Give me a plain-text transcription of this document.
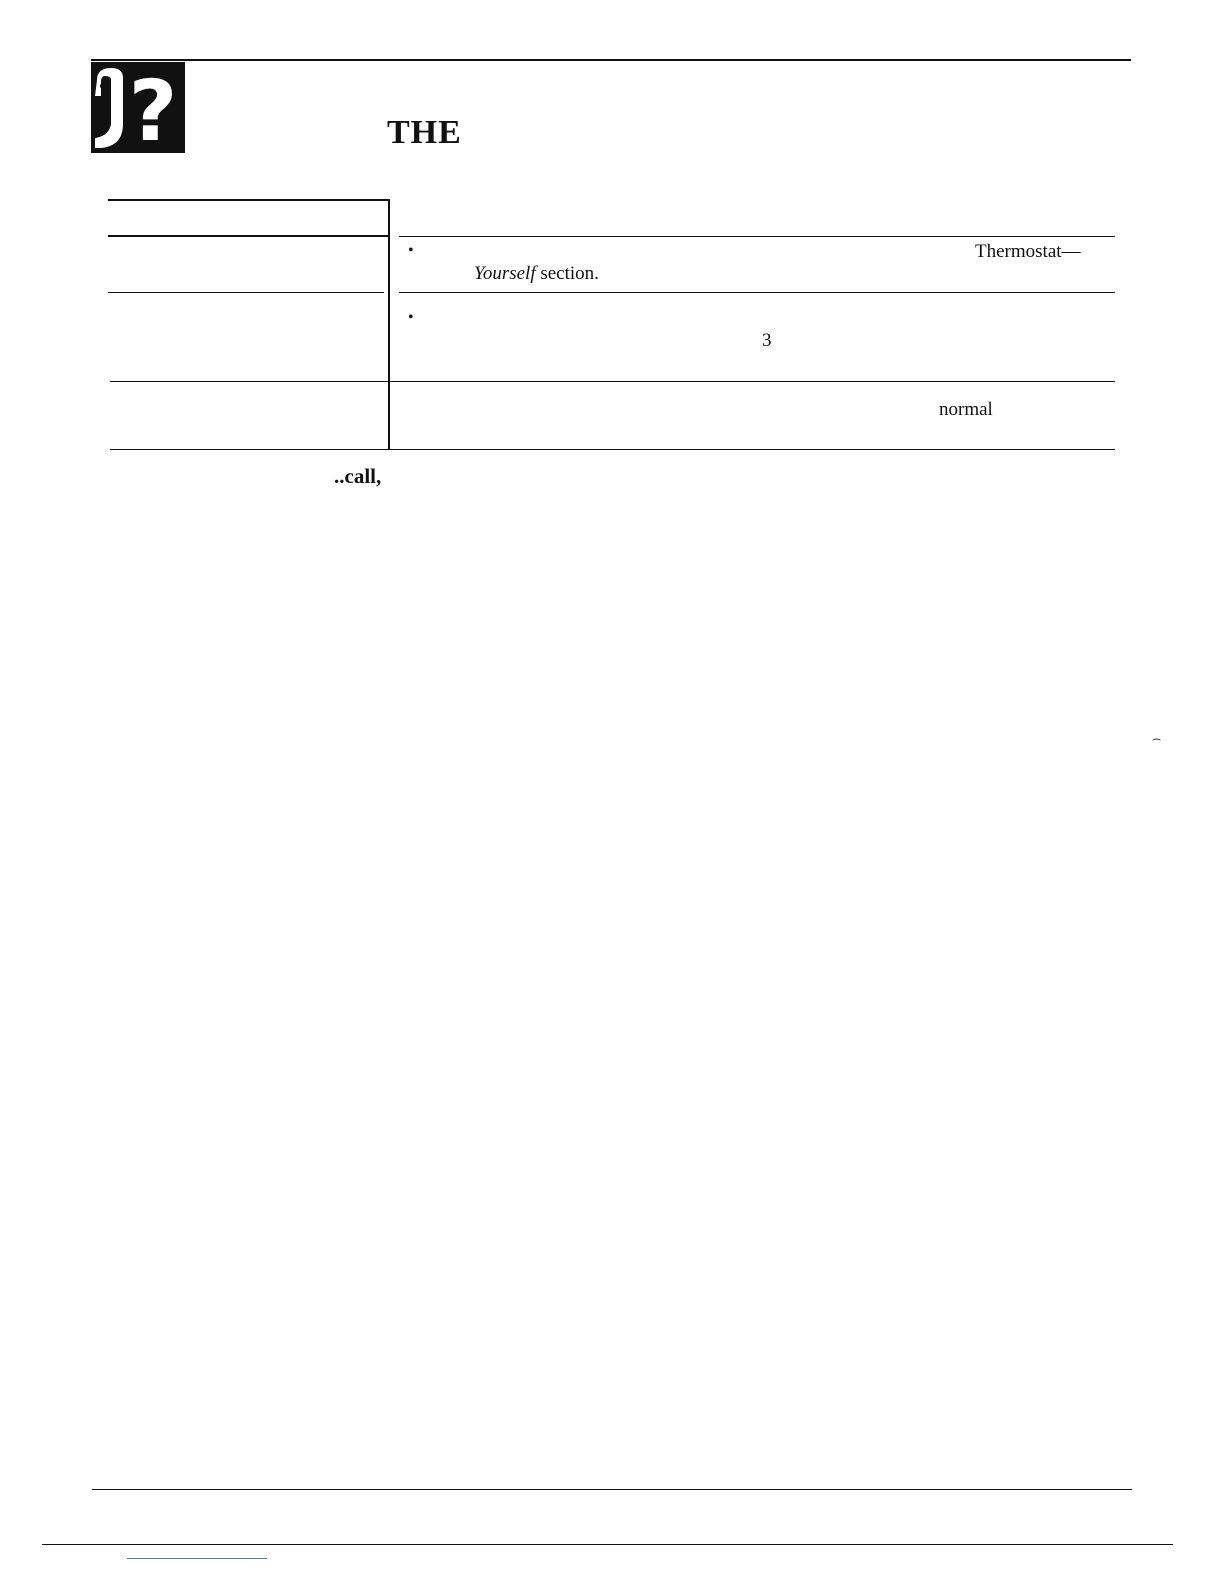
?	THE
•	Thermostat—
Yourself section.
•
3
normal
..call,
⌢
